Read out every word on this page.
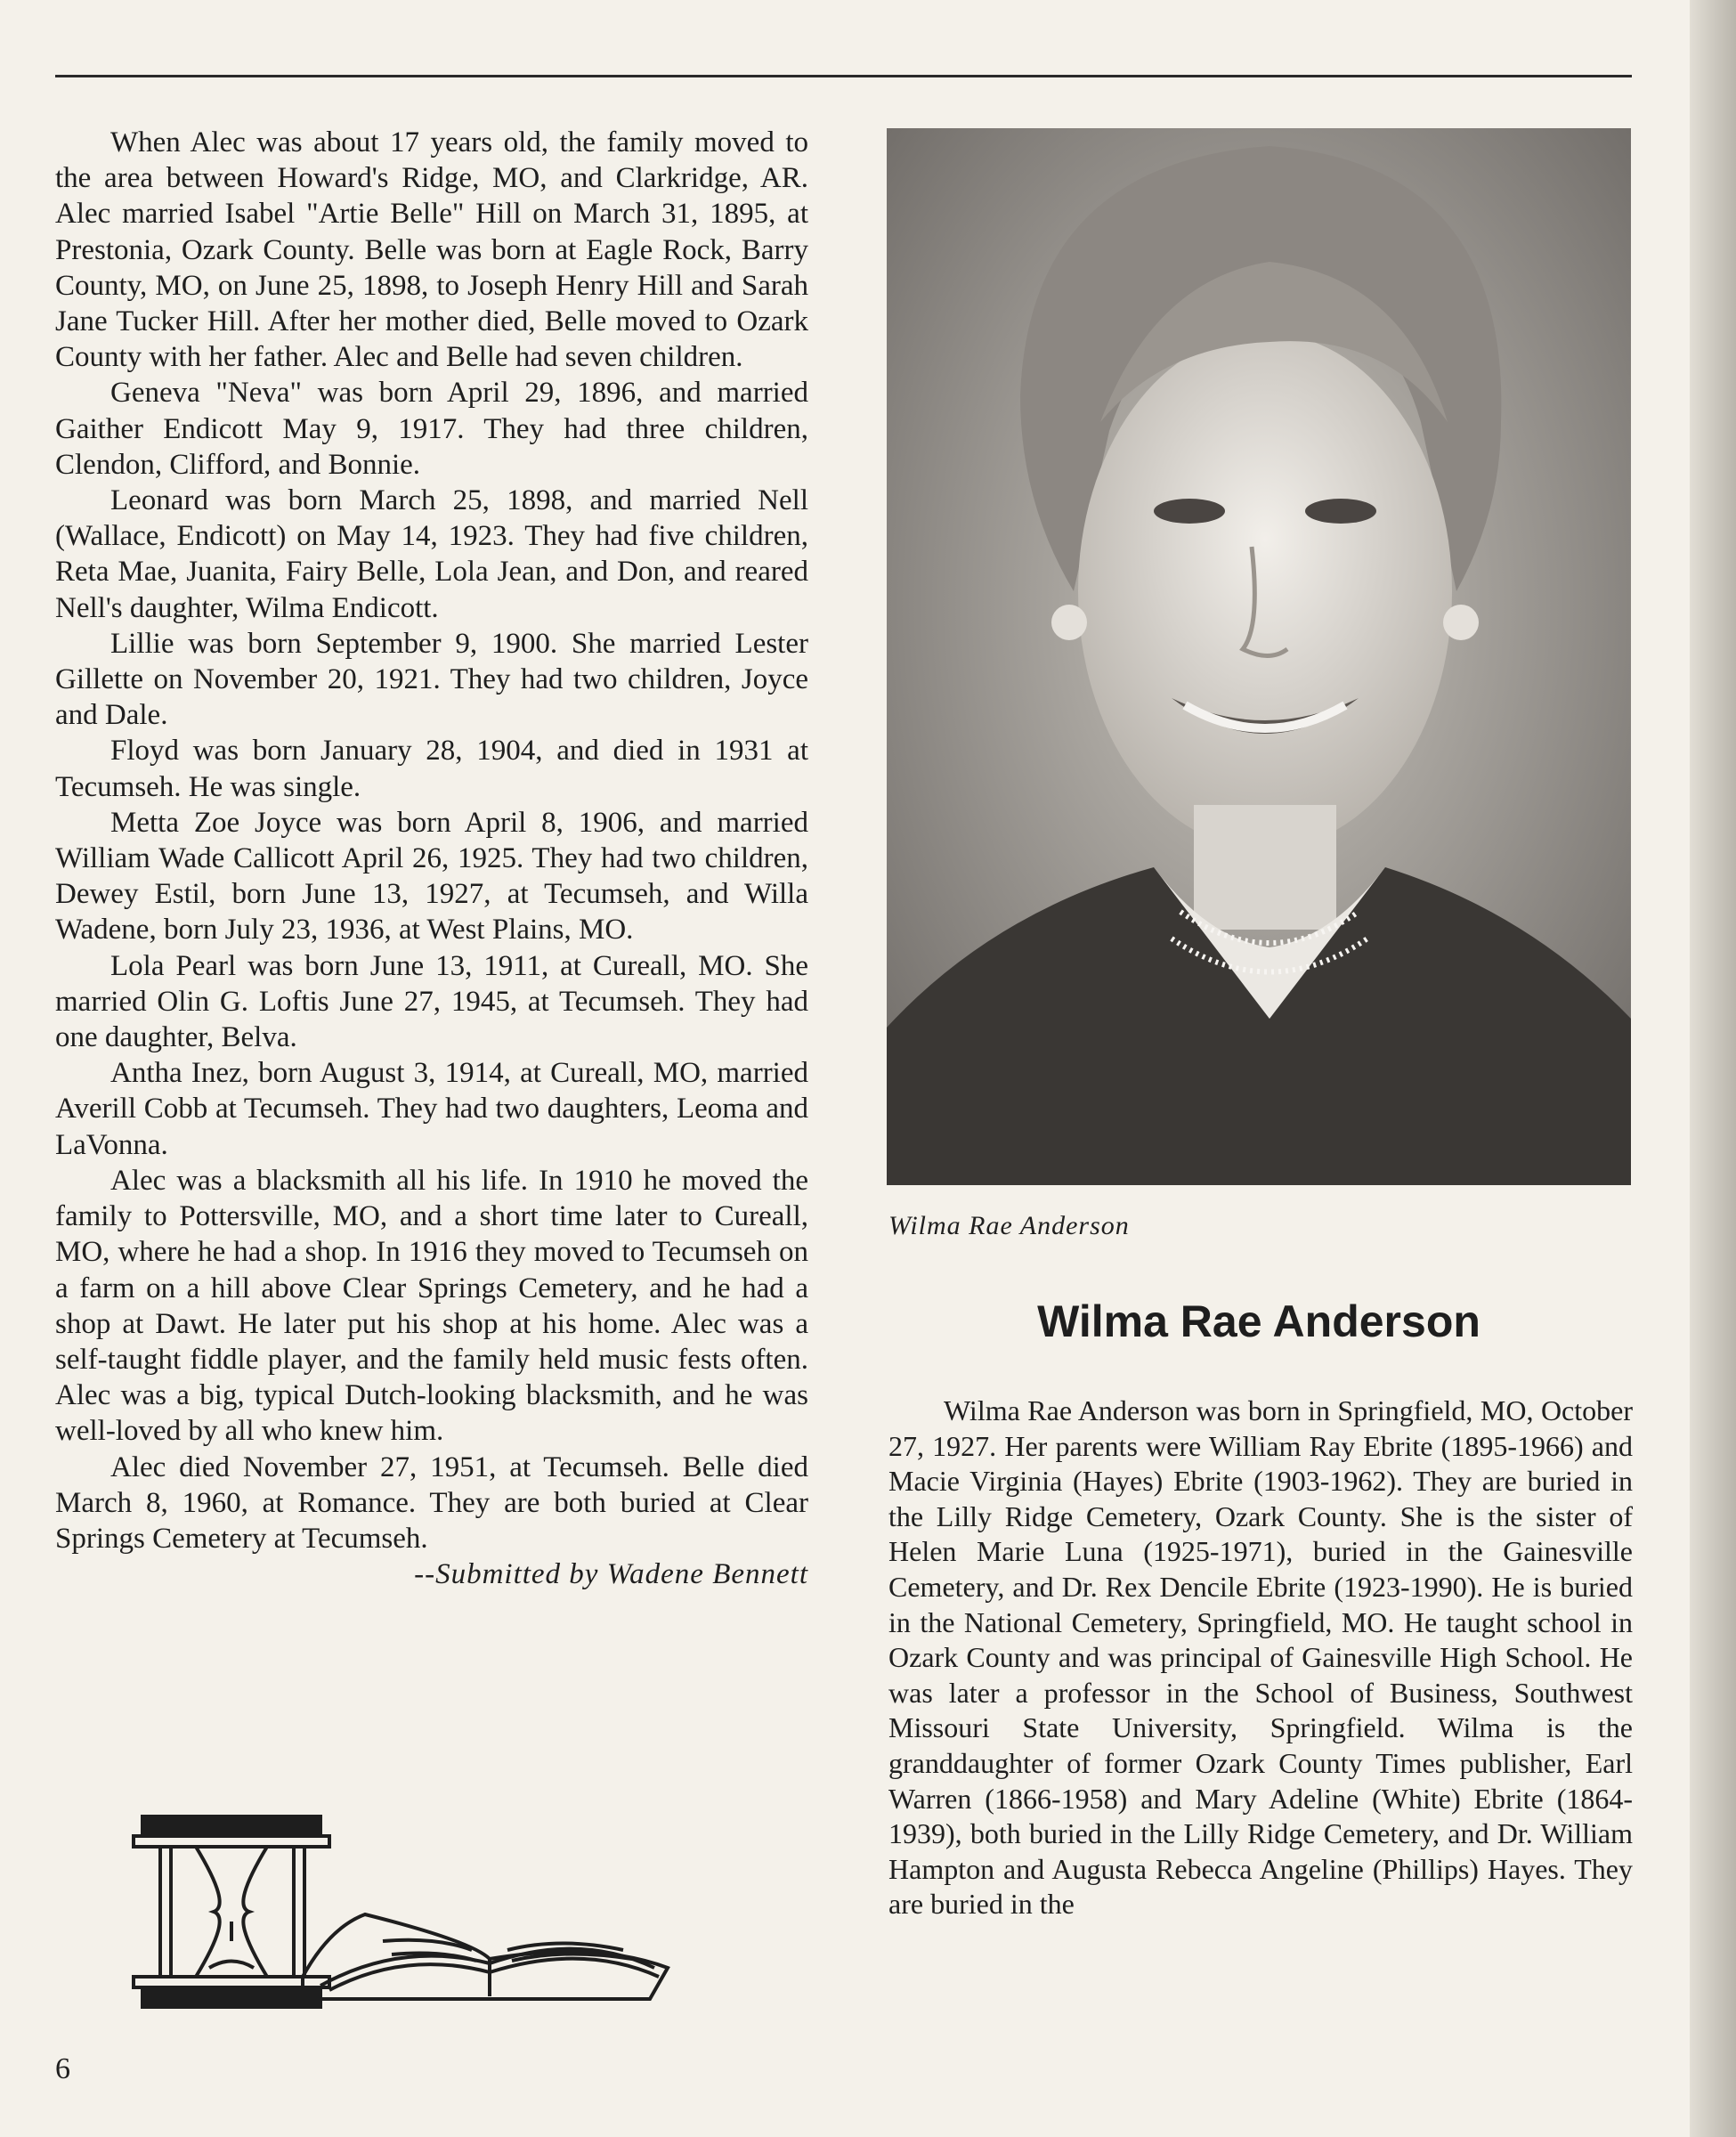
When Alec was about 17 years old, the family moved to the area between Howard's Ridge, MO, and Clarkridge, AR. Alec married Isabel "Artie Belle" Hill on March 31, 1895, at Prestonia, Ozark County. Belle was born at Eagle Rock, Barry County, MO, on June 25, 1898, to Joseph Henry Hill and Sarah Jane Tucker Hill. After her mother died, Belle moved to Ozark County with her father. Alec and Belle had seven children.

Geneva "Neva" was born April 29, 1896, and married Gaither Endicott May 9, 1917. They had three children, Clendon, Clifford, and Bonnie.

Leonard was born March 25, 1898, and married Nell (Wallace, Endicott) on May 14, 1923. They had five children, Reta Mae, Juanita, Fairy Belle, Lola Jean, and Don, and reared Nell's daughter, Wilma Endicott.

Lillie was born September 9, 1900. She married Lester Gillette on November 20, 1921. They had two children, Joyce and Dale.

Floyd was born January 28, 1904, and died in 1931 at Tecumseh. He was single.

Metta Zoe Joyce was born April 8, 1906, and married William Wade Callicott April 26, 1925. They had two children, Dewey Estil, born June 13, 1927, at Tecumseh, and Willa Wadene, born July 23, 1936, at West Plains, MO.

Lola Pearl was born June 13, 1911, at Cureall, MO. She married Olin G. Loftis June 27, 1945, at Tecumseh. They had one daughter, Belva.

Antha Inez, born August 3, 1914, at Cureall, MO, married Averill Cobb at Tecumseh. They had two daughters, Leoma and LaVonna.

Alec was a blacksmith all his life. In 1910 he moved the family to Pottersville, MO, and a short time later to Cureall, MO, where he had a shop. In 1916 they moved to Tecumseh on a farm on a hill above Clear Springs Cemetery, and he had a shop at Dawt. He later put his shop at his home. Alec was a self-taught fiddle player, and the family held music fests often. Alec was a big, typical Dutch-looking blacksmith, and he was well-loved by all who knew him.

Alec died November 27, 1951, at Tecumseh. Belle died March 8, 1960, at Romance. They are both buried at Clear Springs Cemetery at Tecumseh.

--Submitted by Wadene Bennett

6
Wilma Rae Anderson
Wilma Rae Anderson

Wilma Rae Anderson was born in Springfield, MO, October 27, 1927. Her parents were William Ray Ebrite (1895-1966) and Macie Virginia (Hayes) Ebrite (1903-1962). They are buried in the Lilly Ridge Cemetery, Ozark County. She is the sister of Helen Marie Luna (1925-1971), buried in the Gainesville Cemetery, and Dr. Rex Dencile Ebrite (1923-1990). He is buried in the National Cemetery, Springfield, MO. He taught school in Ozark County and was principal of Gainesville High School. He was later a professor in the School of Business, Southwest Missouri State University, Springfield. Wilma is the granddaughter of former Ozark County Times publisher, Earl Warren (1866-1958) and Mary Adeline (White) Ebrite (1864-1939), both buried in the Lilly Ridge Cemetery, and Dr. William Hampton and Augusta Rebecca Angeline (Phillips) Hayes. They are buried in the
